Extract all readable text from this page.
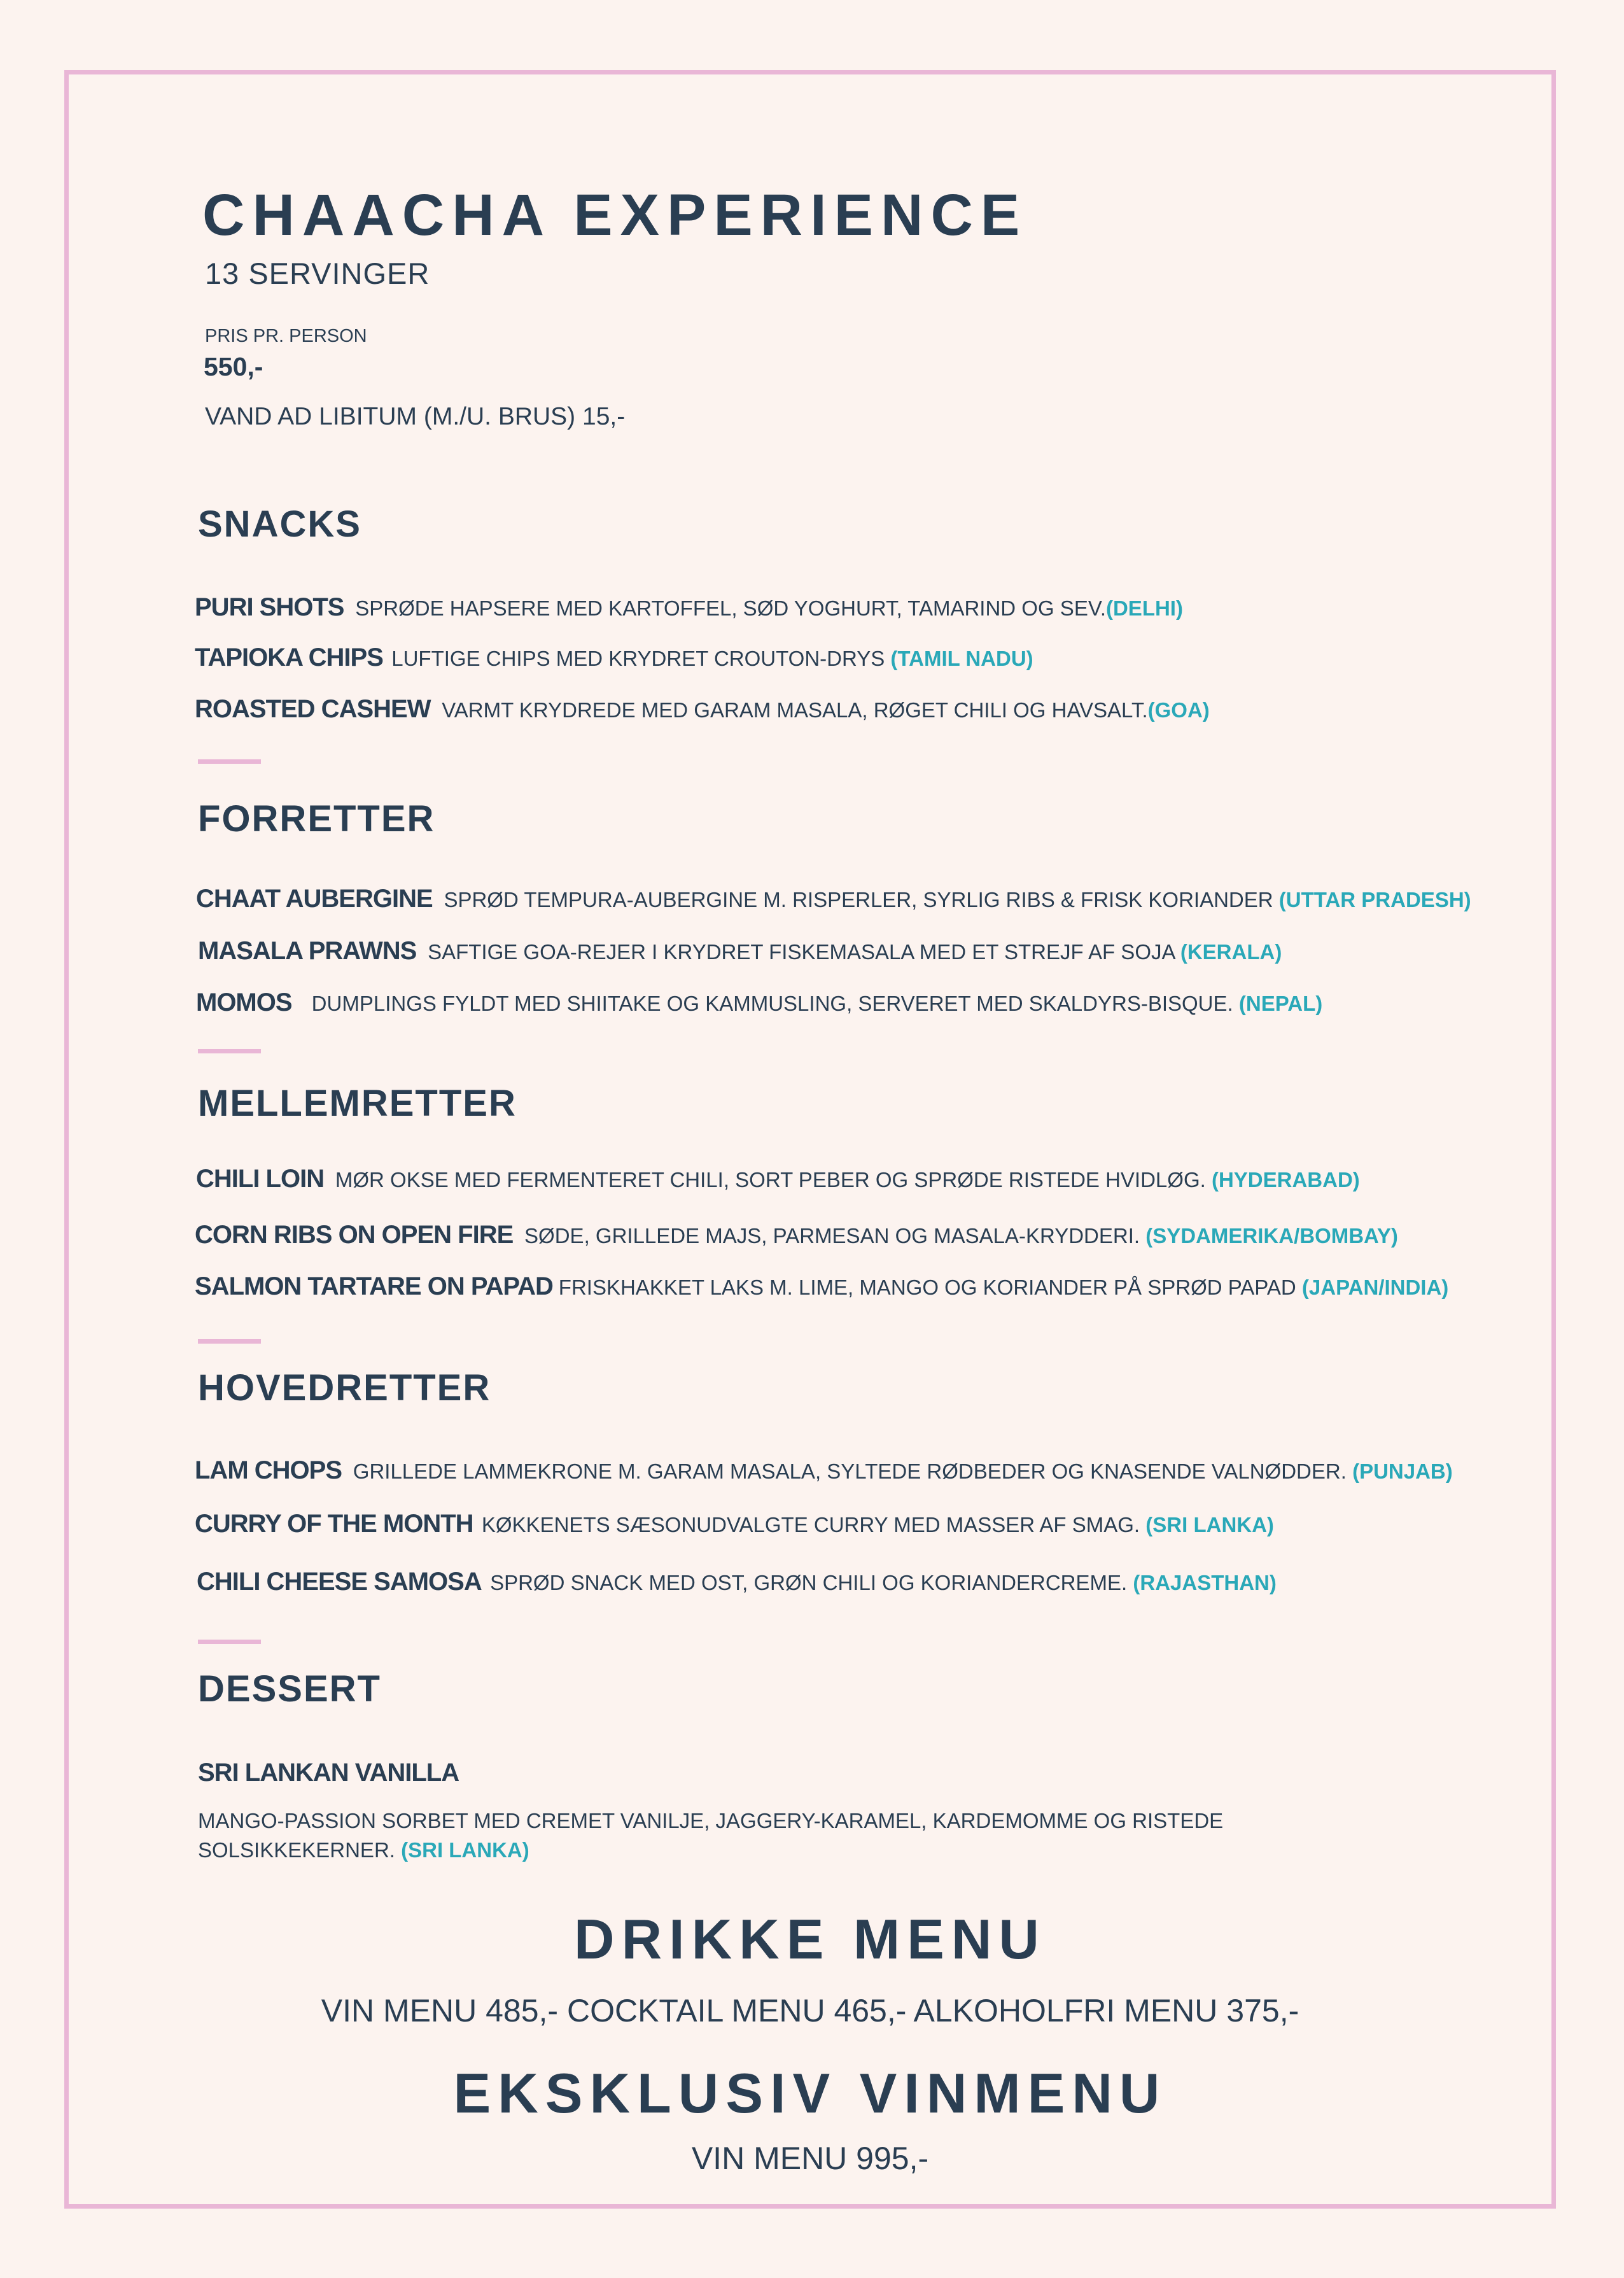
CHAACHA EXPERIENCE
13 SERVINGER
PRIS PR. PERSON
550,-
VAND AD LIBITUM (M./U. BRUS) 15,-
SNACKS
PURI SHOTS SPRØDE HAPSERE MED KARTOFFEL, SØD YOGHURT, TAMARIND OG SEV.(DELHI)
TAPIOKA CHIPS LUFTIGE CHIPS MED KRYDRET CROUTON-DRYS (TAMIL NADU)
ROASTED CASHEW VARMT KRYDREDE MED GARAM MASALA, RØGET CHILI OG HAVSALT.(GOA)
FORRETTER
CHAAT AUBERGINE SPRØD TEMPURA-AUBERGINE M. RISPERLER, SYRLIG RIBS & FRISK KORIANDER (UTTAR PRADESH)
MASALA PRAWNS SAFTIGE GOA-REJER I KRYDRET FISKEMASALA MED ET STREJF AF SOJA (KERALA)
MOMOS DUMPLINGS FYLDT MED SHIITAKE OG KAMMUSLING, SERVERET MED SKALDYRS-BISQUE. (NEPAL)
MELLEMRETTER
CHILI LOIN MØR OKSE MED FERMENTERET CHILI, SORT PEBER OG SPRØDE RISTEDE HVIDLØG. (HYDERABAD)
CORN RIBS ON OPEN FIRE SØDE, GRILLEDE MAJS, PARMESAN OG MASALA-KRYDDERI. (SYDAMERIKA/BOMBAY)
SALMON TARTARE ON PAPAD FRISKHAKKET LAKS M. LIME, MANGO OG KORIANDER PÅ SPRØD PAPAD (JAPAN/INDIA)
HOVEDRETTER
LAM CHOPS GRILLEDE LAMMEKRONE M. GARAM MASALA, SYLTEDE RØDBEDER OG KNASENDE VALNØDDER. (PUNJAB)
CURRY OF THE MONTH KØKKENETS SÆSONUDVALGTE CURRY MED MASSER AF SMAG. (SRI LANKA)
CHILI CHEESE SAMOSA SPRØD SNACK MED OST, GRØN CHILI OG KORIANDERCREME. (RAJASTHAN)
DESSERT
SRI LANKAN VANILLA
MANGO-PASSION SORBET MED CREMET VANILJE, JAGGERY-KARAMEL, KARDEMOMME OG RISTEDE SOLSIKKEKERNER. (SRI LANKA)
DRIKKE MENU
VIN MENU 485,- COCKTAIL MENU 465,- ALKOHOLFRI MENU 375,-
EKSKLUSIV VINMENU
VIN MENU 995,-
